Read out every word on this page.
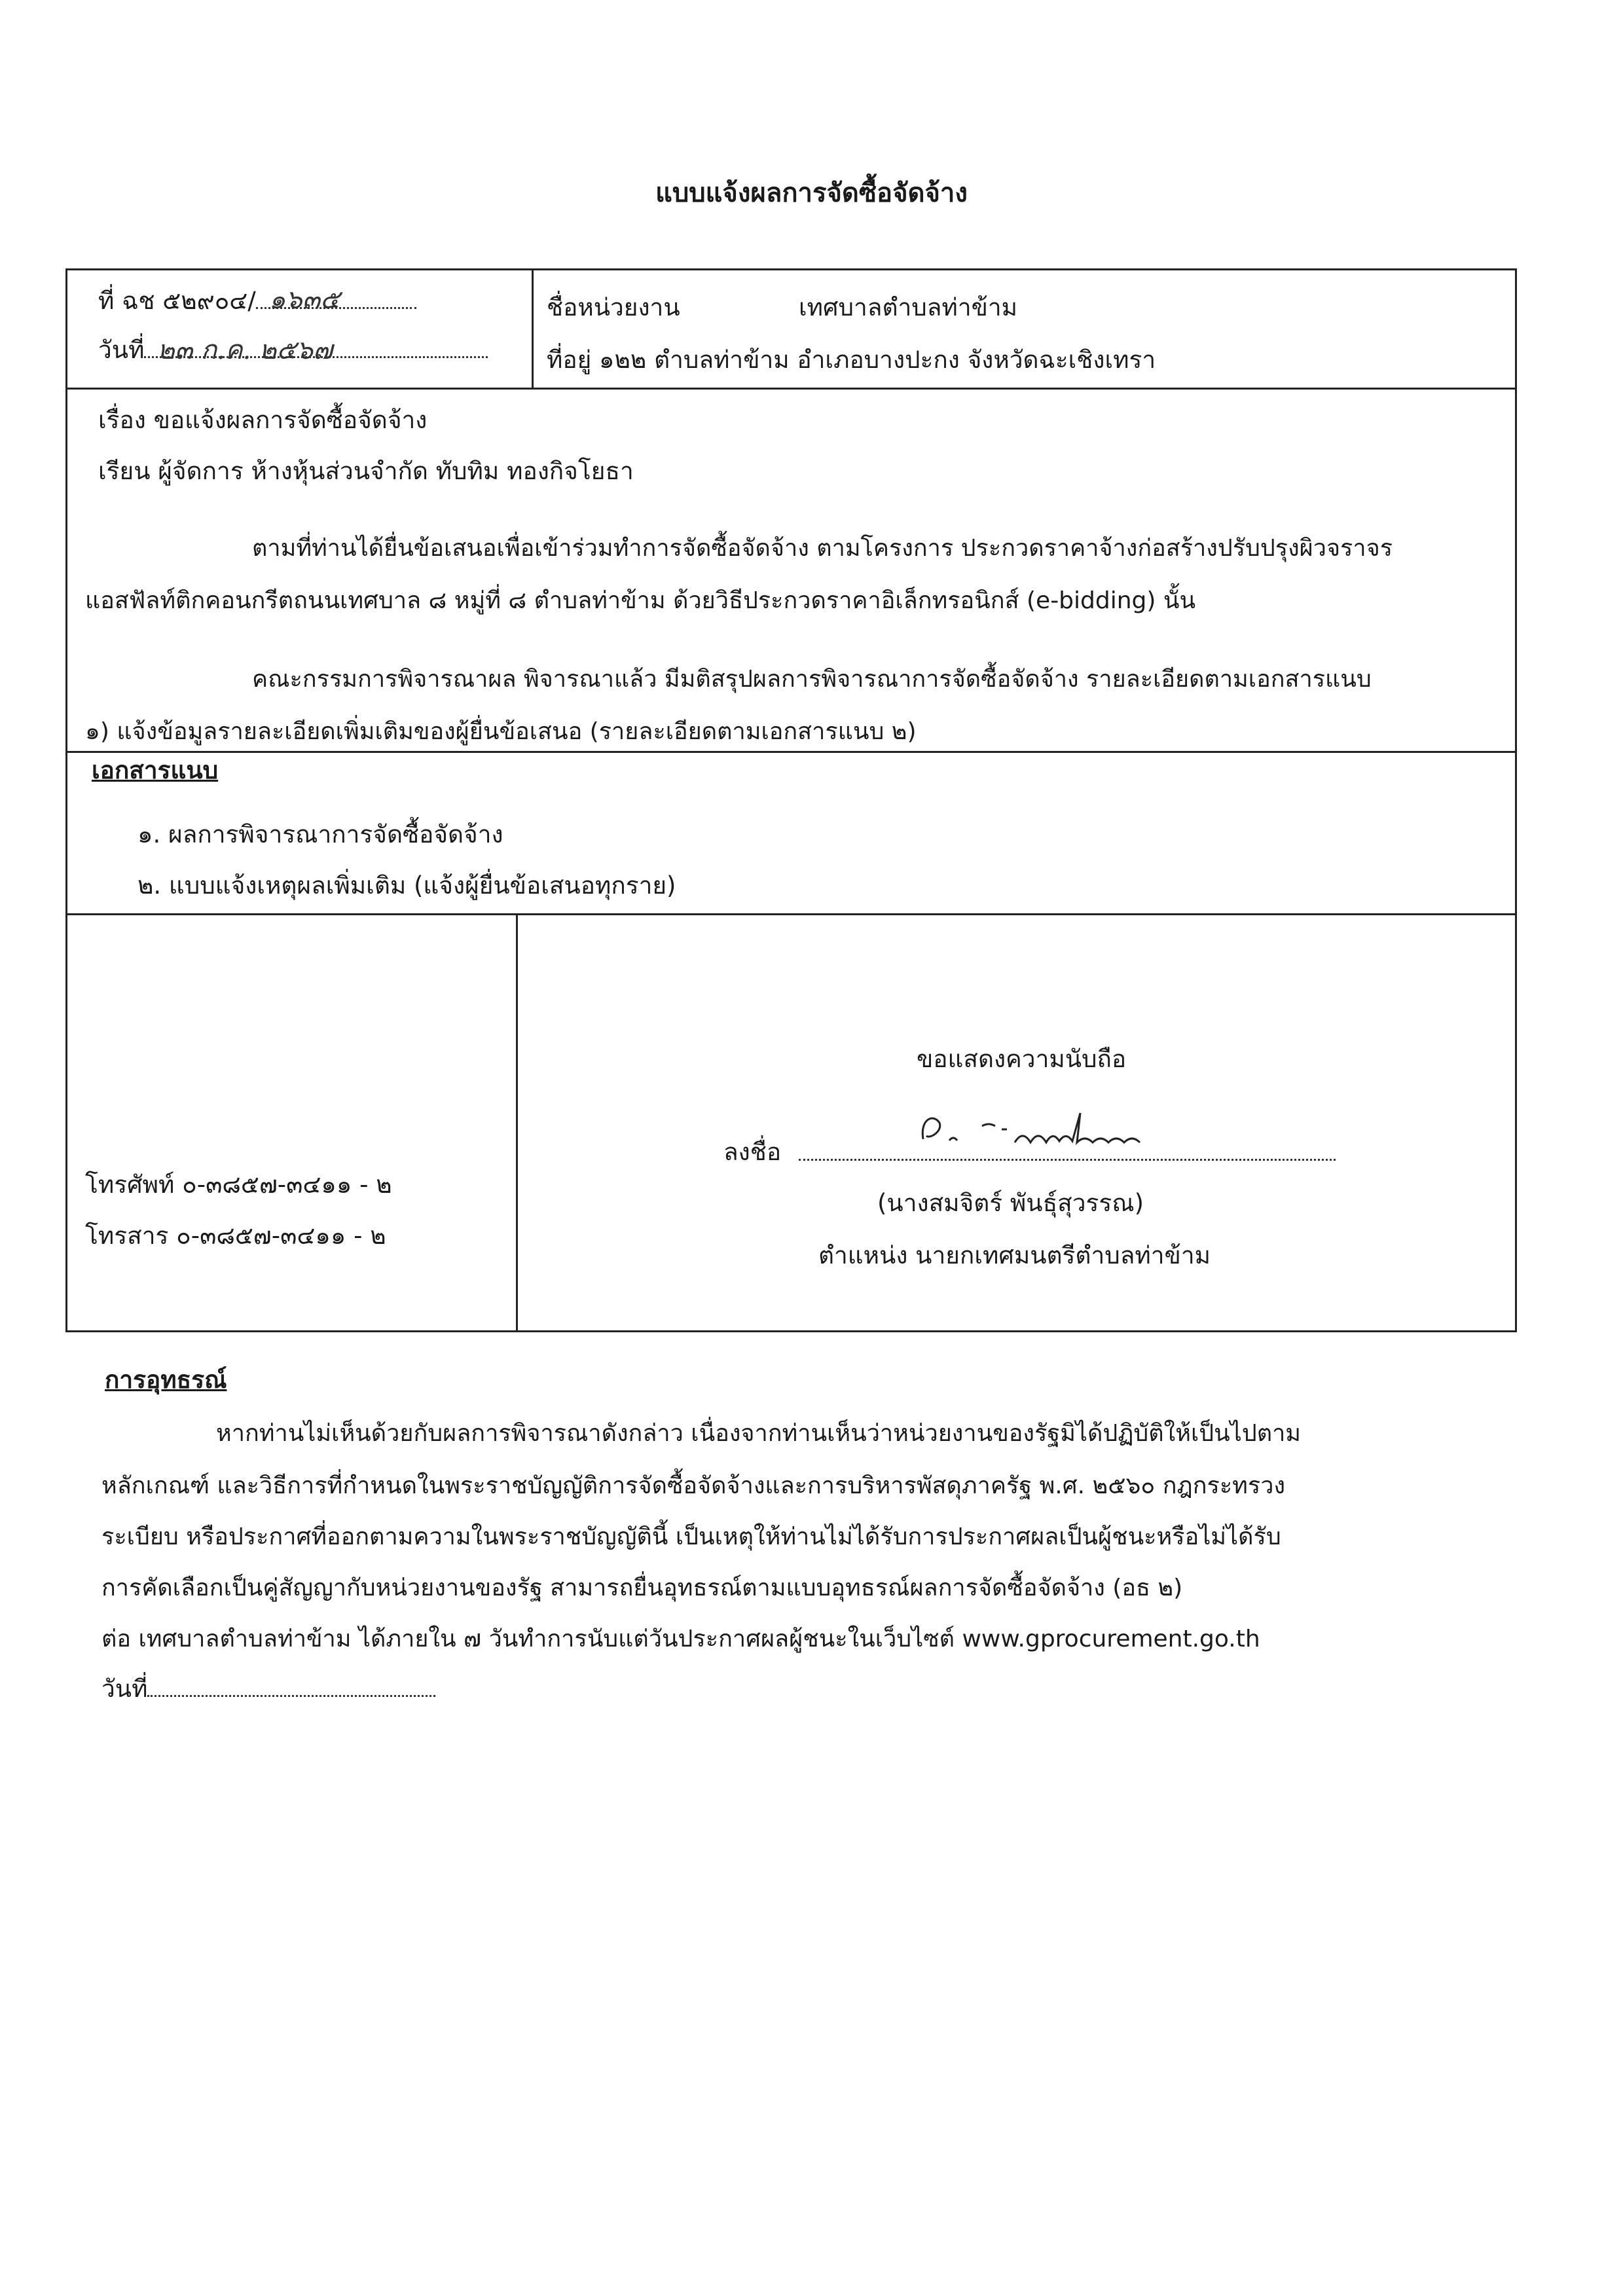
แบบแจ้งผลการจัดซื้อจัดจ้าง
ที่ ฉช ๕๒๙๐๔/ ๑๖๓๕
วันที่ ๒๓ ก.ค. ๒๕๖๗
ชื่อหน่วยงาน	เทศบาลตำบลท่าข้าม
ที่อยู่ ๑๒๒ ตำบลท่าข้าม อำเภอบางปะกง จังหวัดฉะเชิงเทรา
เรื่อง ขอแจ้งผลการจัดซื้อจัดจ้าง
เรียน ผู้จัดการ ห้างหุ้นส่วนจำกัด ทับทิม ทองกิจโยธา
ตามที่ท่านได้ยื่นข้อเสนอเพื่อเข้าร่วมทำการจัดซื้อจัดจ้าง ตามโครงการ ประกวดราคาจ้างก่อสร้างปรับปรุงผิวจราจร
แอสฟัลท์ติกคอนกรีตถนนเทศบาล ๘ หมู่ที่ ๘ ตำบลท่าข้าม ด้วยวิธีประกวดราคาอิเล็กทรอนิกส์ (e-bidding) นั้น
คณะกรรมการพิจารณาผล พิจารณาแล้ว มีมติสรุปผลการพิจารณาการจัดซื้อจัดจ้าง รายละเอียดตามเอกสารแนบ
๑) แจ้งข้อมูลรายละเอียดเพิ่มเติมของผู้ยื่นข้อเสนอ (รายละเอียดตามเอกสารแนบ ๒)
เอกสารแนบ
๑. ผลการพิจารณาการจัดซื้อจัดจ้าง
๒. แบบแจ้งเหตุผลเพิ่มเติม (แจ้งผู้ยื่นข้อเสนอทุกราย)
โทรศัพท์ ๐-๓๘๕๗-๓๔๑๑ - ๒
โทรสาร ๐-๓๘๕๗-๓๔๑๑ - ๒
ขอแสดงความนับถือ
ลงชื่อ
(นางสมจิตร์ พันธุ์สุวรรณ)
ตำแหน่ง นายกเทศมนตรีตำบลท่าข้าม
การอุทธรณ์
หากท่านไม่เห็นด้วยกับผลการพิจารณาดังกล่าว เนื่องจากท่านเห็นว่าหน่วยงานของรัฐมิได้ปฏิบัติให้เป็นไปตาม
หลักเกณฑ์ และวิธีการที่กำหนดในพระราชบัญญัติการจัดซื้อจัดจ้างและการบริหารพัสดุภาครัฐ พ.ศ. ๒๕๖๐ กฎกระทรวง
ระเบียบ หรือประกาศที่ออกตามความในพระราชบัญญัตินี้ เป็นเหตุให้ท่านไม่ได้รับการประกาศผลเป็นผู้ชนะหรือไม่ได้รับ
การคัดเลือกเป็นคู่สัญญากับหน่วยงานของรัฐ สามารถยื่นอุทธรณ์ตามแบบอุทธรณ์ผลการจัดซื้อจัดจ้าง (อธ ๒)
ต่อ เทศบาลตำบลท่าข้าม ได้ภายใน ๗ วันทำการนับแต่วันประกาศผลผู้ชนะในเว็บไซต์ www.gprocurement.go.th
วันที่
